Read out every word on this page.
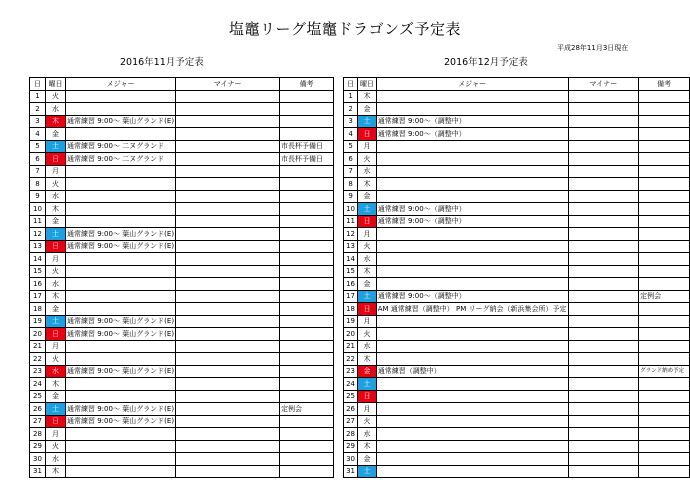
塩竈リーグ塩竈ドラゴンズ予定表
平成28年11月3日現在
2016年11月予定表	2016年12月予定表
日	曜日	メジャー	マイナー	備考
1	火			
2	水			
3	木	通常練習 9:00～ 葉山グランド(E)		
4	金			
5	土	通常練習 9:00～ 二ヌグランド		市長杯予備日
6	日	通常練習 9:00～ 二ヌグランド		市長杯予備日
7	月			
8	火			
9	水			
10	木			
11	金			
12	土	通常練習 9:00～ 葉山グランド(E)		
13	日	通常練習 9:00～ 葉山グランド(E)		
14	月			
15	火			
16	水			
17	木			
18	金			
19	土	通常練習 9:00～ 葉山グランド(E)		
20	日	通常練習 9:00～ 葉山グランド(E)		
21	月			
22	火			
23	水	通常練習 9:00～ 葉山グランド(E)		
24	木			
25	金			
26	土	通常練習 9:00～ 葉山グランド(E)		定例会
27	日	通常練習 9:00～ 葉山グランド(E)		
28	月			
29	火			
30	水			
31	木			
日	曜日	メジャー	マイナー	備考
1	木			
2	金			
3	土	通常練習 9:00～（調整中）		
4	日	通常練習 9:00～（調整中）		
5	月			
6	火			
7	水			
8	木			
9	金			
10	土	通常練習 9:00～（調整中）		
11	日	通常練習 9:00～（調整中）		
12	月			
13	火			
14	水			
15	木			
16	金			
17	土	通常練習 9:00～（調整中）		定例会
18	日	AM 通常練習（調整中） PM リーグ納会（新浜集会所）予定		
19	月			
20	火			
21	水			
22	木			
23	金	通常練習（調整中）		グランド納め予定
24	土			
25	日			
26	月			
27	火			
28	水			
29	木			
30	金			
31	土			
